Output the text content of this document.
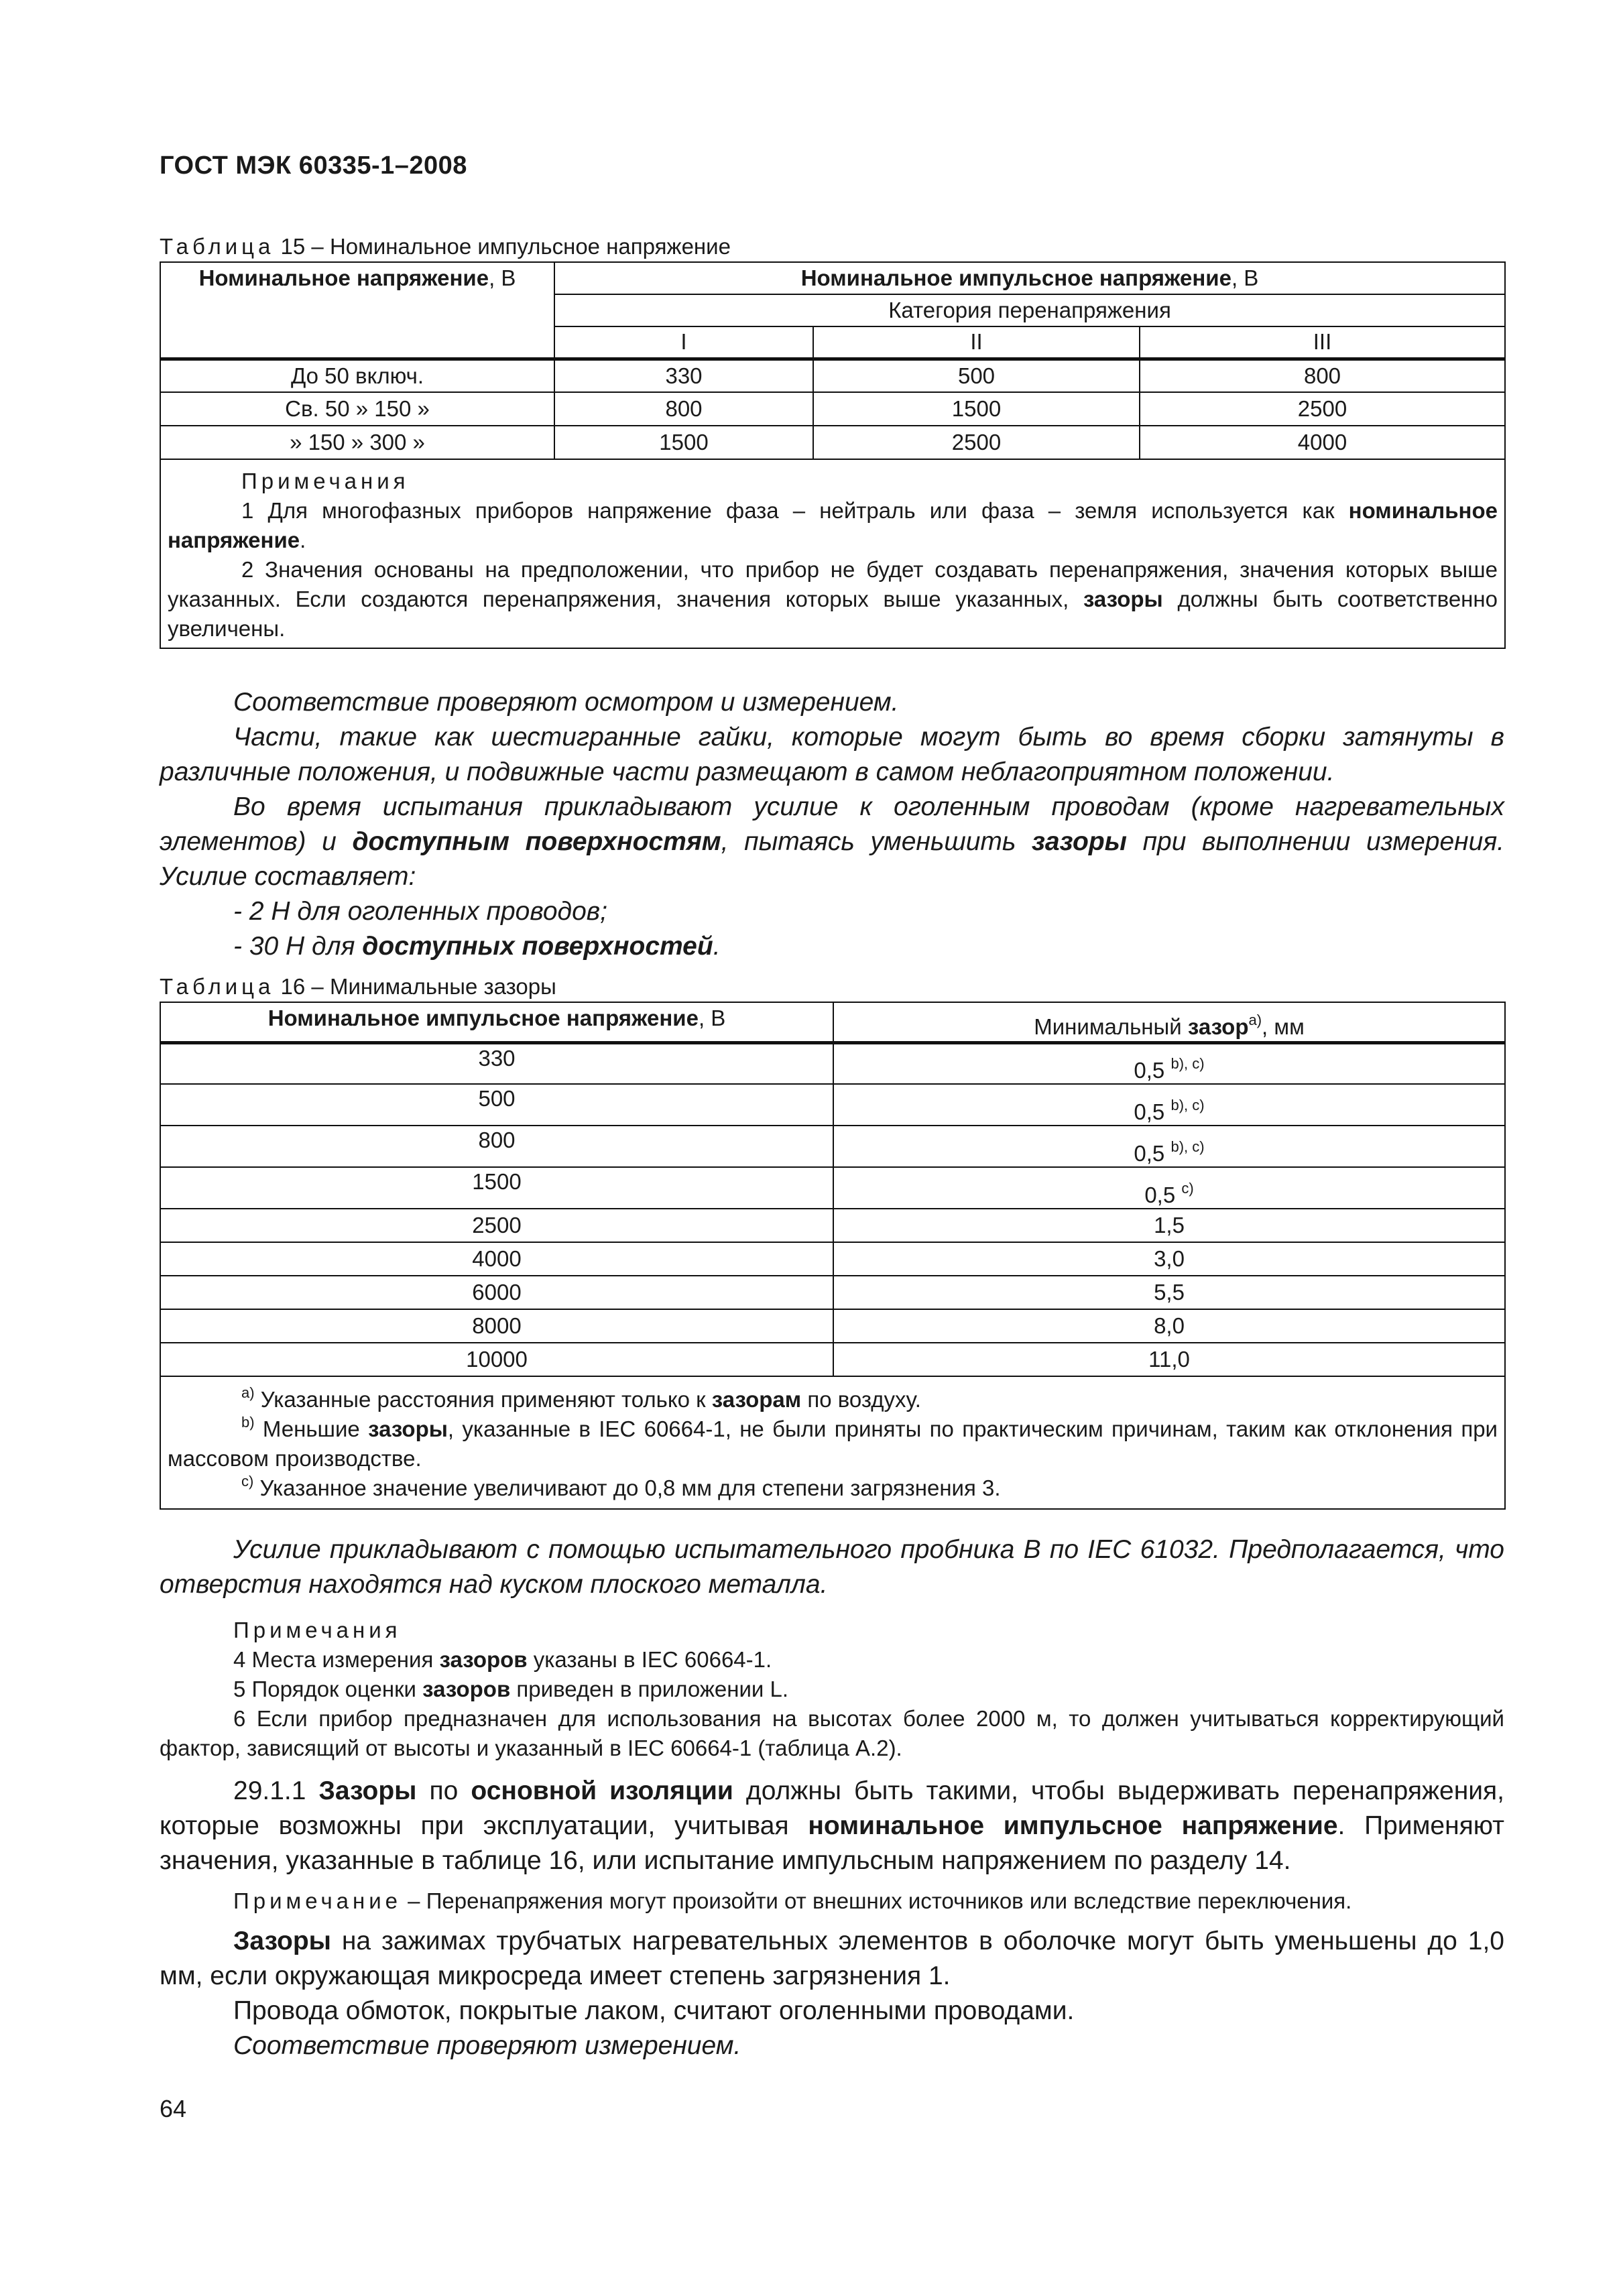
ГОСТ МЭК 60335-1–2008
Таблица 15 – Номинальное импульсное напряжение
Номинальное напряжение, В	Номинальное импульсное напряжение, В		
	Категория перенапряжения		
	I	II	III
До 50 включ.	330	500	800
Св. 50 » 150 »	800	1500	2500
» 150 » 300 »	1500	2500	4000

Примечания
1 Для многофазных приборов напряжение фаза – нейтраль или фаза – земля используется как номинальное напряжение.
2 Значения основаны на предположении, что прибор не будет создавать перенапряжения, значения которых выше указанных. Если создаются перенапряжения, значения которых выше указанных, зазоры должны быть соответственно увеличены.			
Соответствие проверяют осмотром и измерением.
Части, такие как шестигранные гайки, которые могут быть во время сборки затянуты в различные положения, и подвижные части размещают в самом неблагоприятном положении.
Во время испытания прикладывают усилие к оголенным проводам (кроме нагревательных элементов) и доступным поверхностям, пытаясь уменьшить зазоры при выполнении измерения. Усилие составляет:
- 2 Н для оголенных проводов;
- 30 Н для доступных поверхностей.
Таблица 16 – Минимальные зазоры
Номинальное импульсное напряжение, В	Минимальный зазор$^{a)}$, мм
330	0,5 $^{b), c)}$
500	0,5 $^{b), c)}$
800	0,5 $^{b), c)}$
1500	0,5 $^{c)}$
2500	1,5
4000	3,0
6000	5,5
8000	8,0
10000	11,0

$^{a)}$ Указанные расстояния применяют только к зазорам по воздуху.
$^{b)}$ Меньшие зазоры, указанные в IEC 60664-1, не были приняты по практическим причинам, таким как отклонения при массовом производстве.
$^{c)}$ Указанное значение увеличивают до 0,8 мм для степени загрязнения 3.	
Усилие прикладывают с помощью испытательного пробника B по IEC 61032. Предполагается, что отверстия находятся над куском плоского металла.
Примечания
4 Места измерения зазоров указаны в IEC 60664-1.
5 Порядок оценки зазоров приведен в приложении L.
6 Если прибор предназначен для использования на высотах более 2000 м, то должен учитываться корректирующий фактор, зависящий от высоты и указанный в IEC 60664-1 (таблица A.2).
29.1.1 Зазоры по основной изоляции должны быть такими, чтобы выдерживать перенапряжения, которые возможны при эксплуатации, учитывая номинальное импульсное напряжение. Применяют значения, указанные в таблице 16, или испытание импульсным напряжением по разделу 14.
Примечание – Перенапряжения могут произойти от внешних источников или вследствие переключения.
Зазоры на зажимах трубчатых нагревательных элементов в оболочке могут быть уменьшены до 1,0 мм, если окружающая микросреда имеет степень загрязнения 1.
Провода обмоток, покрытые лаком, считают оголенными проводами.
Соответствие проверяют измерением.
64
